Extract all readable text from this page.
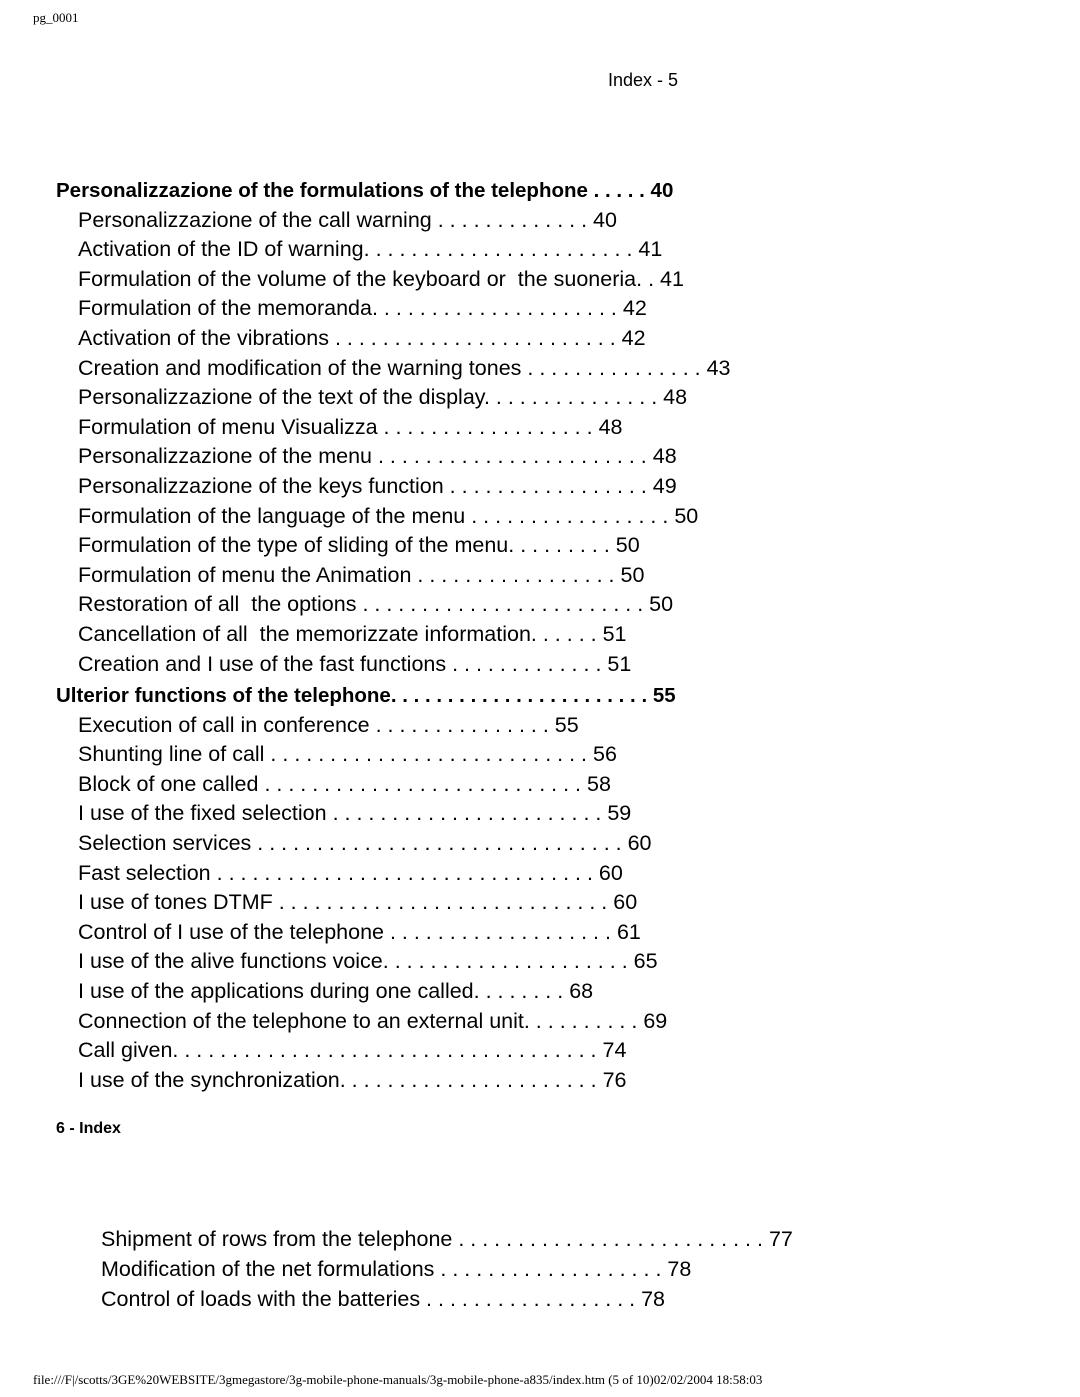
pg_0001
Index - 5
Personalizzazione of the formulations of the telephone . . . . . 40
Personalizzazione of the call warning . . . . . . . . . . . . . 40
Activation of the ID of warning. . . . . . . . . . . . . . . . . . . . . . . 41
Formulation of the volume of the keyboard or  the suoneria. . 41
Formulation of the memoranda. . . . . . . . . . . . . . . . . . . . . 42
Activation of the vibrations . . . . . . . . . . . . . . . . . . . . . . . . 42
Creation and modification of the warning tones . . . . . . . . . . . . . . . 43
Personalizzazione of the text of the display. . . . . . . . . . . . . . . 48
Formulation of menu Visualizza . . . . . . . . . . . . . . . . . . 48
Personalizzazione of the menu . . . . . . . . . . . . . . . . . . . . . . . 48
Personalizzazione of the keys function . . . . . . . . . . . . . . . . . 49
Formulation of the language of the menu . . . . . . . . . . . . . . . . . 50
Formulation of the type of sliding of the menu. . . . . . . . . 50
Formulation of menu the Animation . . . . . . . . . . . . . . . . . 50
Restoration of all  the options . . . . . . . . . . . . . . . . . . . . . . . . 50
Cancellation of all  the memorizzate information. . . . . . 51
Creation and I use of the fast functions . . . . . . . . . . . . . 51
Ulterior functions of the telephone. . . . . . . . . . . . . . . . . . . . . . . 55
Execution of call in conference . . . . . . . . . . . . . . . 55
Shunting line of call . . . . . . . . . . . . . . . . . . . . . . . . . . . 56
Block of one called . . . . . . . . . . . . . . . . . . . . . . . . . . . 58
I use of the fixed selection . . . . . . . . . . . . . . . . . . . . . . . 59
Selection services . . . . . . . . . . . . . . . . . . . . . . . . . . . . . . . 60
Fast selection . . . . . . . . . . . . . . . . . . . . . . . . . . . . . . . . 60
I use of tones DTMF . . . . . . . . . . . . . . . . . . . . . . . . . . . . 60
Control of I use of the telephone . . . . . . . . . . . . . . . . . . . 61
I use of the alive functions voice. . . . . . . . . . . . . . . . . . . . . 65
I use of the applications during one called. . . . . . . . 68
Connection of the telephone to an external unit. . . . . . . . . . 69
Call given. . . . . . . . . . . . . . . . . . . . . . . . . . . . . . . . . . . . 74
I use of the synchronization. . . . . . . . . . . . . . . . . . . . . . 76
6 - Index
Shipment of rows from the telephone . . . . . . . . . . . . . . . . . . . . . . . . . . 77
Modification of the net formulations . . . . . . . . . . . . . . . . . . . 78
Control of loads with the batteries . . . . . . . . . . . . . . . . . . 78
file:///F|/scotts/3GE%20WEBSITE/3gmegastore/3g-mobile-phone-manuals/3g-mobile-phone-a835/index.htm (5 of 10)02/02/2004 18:58:03
